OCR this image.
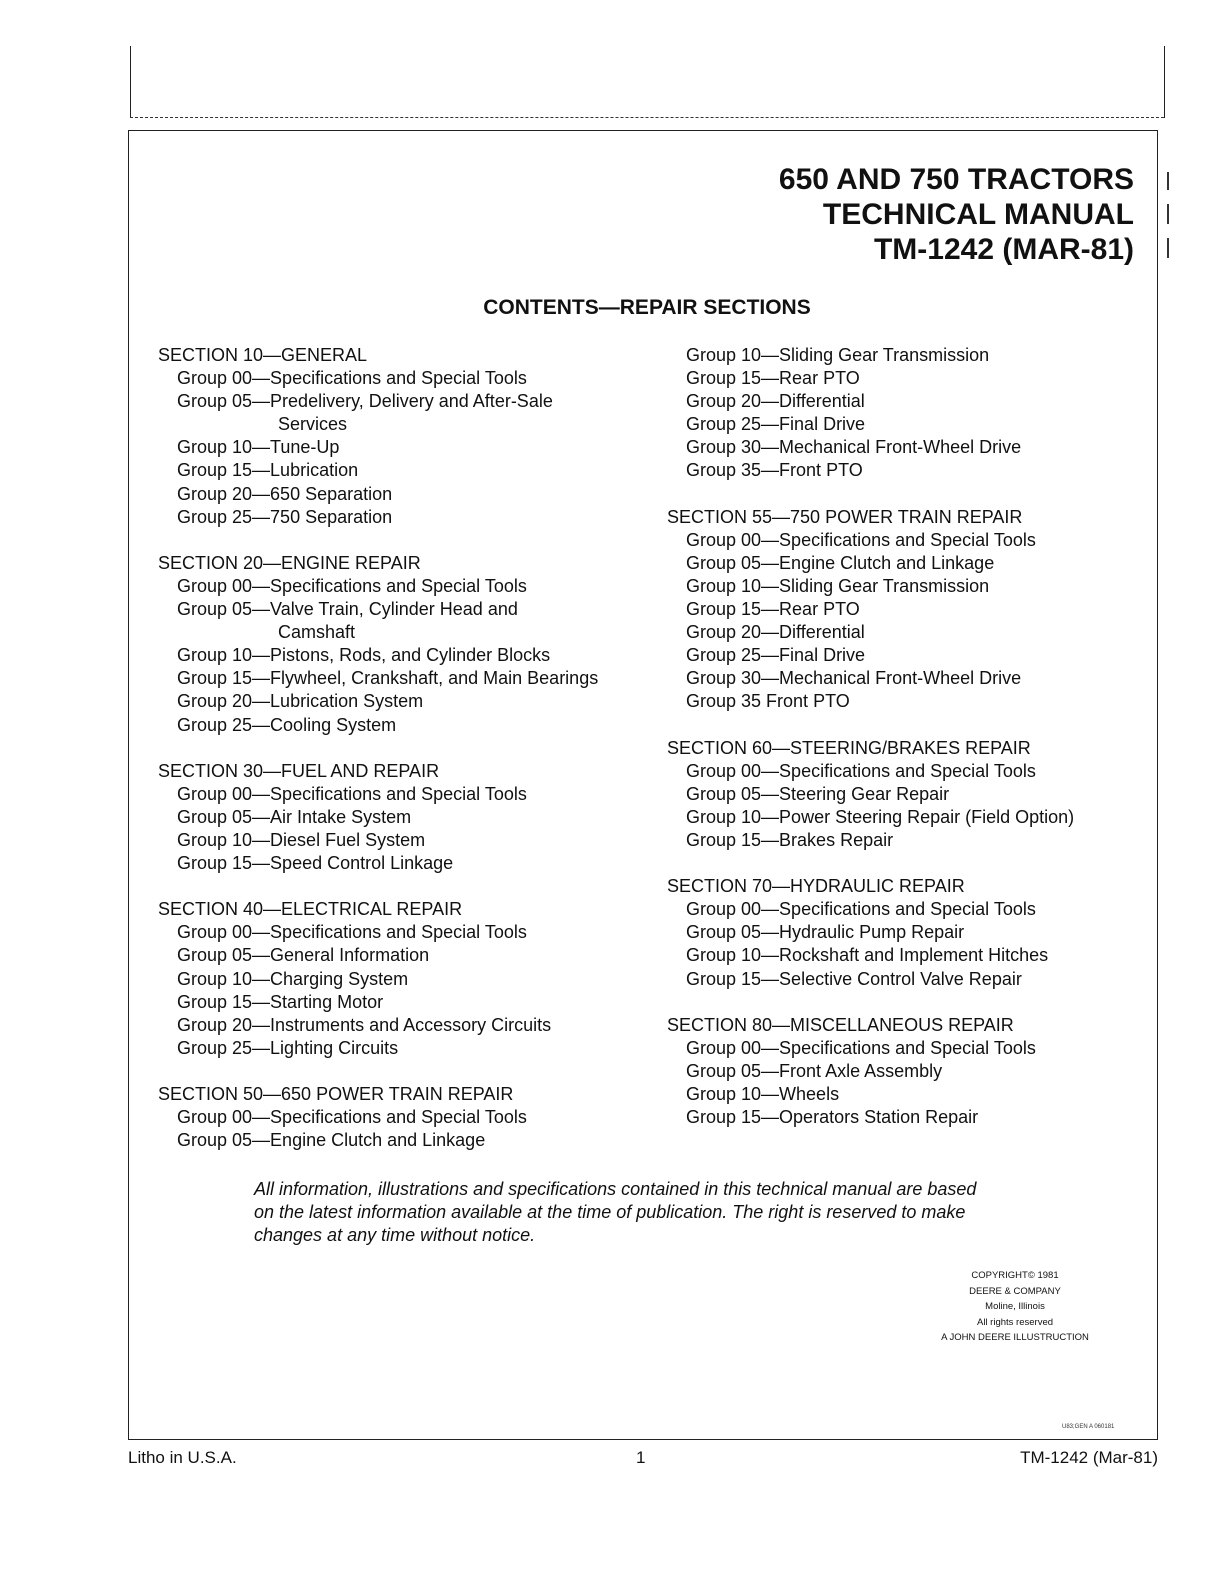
650 AND 750 TRACTORS
TECHNICAL MANUAL
TM-1242 (MAR-81)
CONTENTS—REPAIR SECTIONS
SECTION 10—GENERAL
Group 00—Specifications and Special Tools
Group 05—Predelivery, Delivery and After-Sale
Services
Group 10—Tune-Up
Group 15—Lubrication
Group 20—650 Separation
Group 25—750 Separation
SECTION 20—ENGINE REPAIR
Group 00—Specifications and Special Tools
Group 05—Valve Train, Cylinder Head and
Camshaft
Group 10—Pistons, Rods, and Cylinder Blocks
Group 15—Flywheel, Crankshaft, and Main Bearings
Group 20—Lubrication System
Group 25—Cooling System
SECTION 30—FUEL AND REPAIR
Group 00—Specifications and Special Tools
Group 05—Air Intake System
Group 10—Diesel Fuel System
Group 15—Speed Control Linkage
SECTION 40—ELECTRICAL REPAIR
Group 00—Specifications and Special Tools
Group 05—General Information
Group 10—Charging System
Group 15—Starting Motor
Group 20—Instruments and Accessory Circuits
Group 25—Lighting Circuits
SECTION 50—650 POWER TRAIN REPAIR
Group 00—Specifications and Special Tools
Group 05—Engine Clutch and Linkage
Group 10—Sliding Gear Transmission
Group 15—Rear PTO
Group 20—Differential
Group 25—Final Drive
Group 30—Mechanical Front-Wheel Drive
Group 35—Front PTO
SECTION 55—750 POWER TRAIN REPAIR
Group 00—Specifications and Special Tools
Group 05—Engine Clutch and Linkage
Group 10—Sliding Gear Transmission
Group 15—Rear PTO
Group 20—Differential
Group 25—Final Drive
Group 30—Mechanical Front-Wheel Drive
Group 35 Front PTO
SECTION 60—STEERING/BRAKES REPAIR
Group 00—Specifications and Special Tools
Group 05—Steering Gear Repair
Group 10—Power Steering Repair (Field Option)
Group 15—Brakes Repair
SECTION 70—HYDRAULIC REPAIR
Group 00—Specifications and Special Tools
Group 05—Hydraulic Pump Repair
Group 10—Rockshaft and Implement Hitches
Group 15—Selective Control Valve Repair
SECTION 80—MISCELLANEOUS REPAIR
Group 00—Specifications and Special Tools
Group 05—Front Axle Assembly
Group 10—Wheels
Group 15—Operators Station Repair
All information, illustrations and specifications contained in this technical manual are based
on the latest information available at the time of publication. The right is reserved to make
changes at any time without notice.
COPYRIGHT© 1981
DEERE & COMPANY
Moline, Illinois
All rights reserved
A JOHN DEERE ILLUSTRUCTION
U83;GEN A 060181
Litho in U.S.A.	1	TM-1242 (Mar-81)
